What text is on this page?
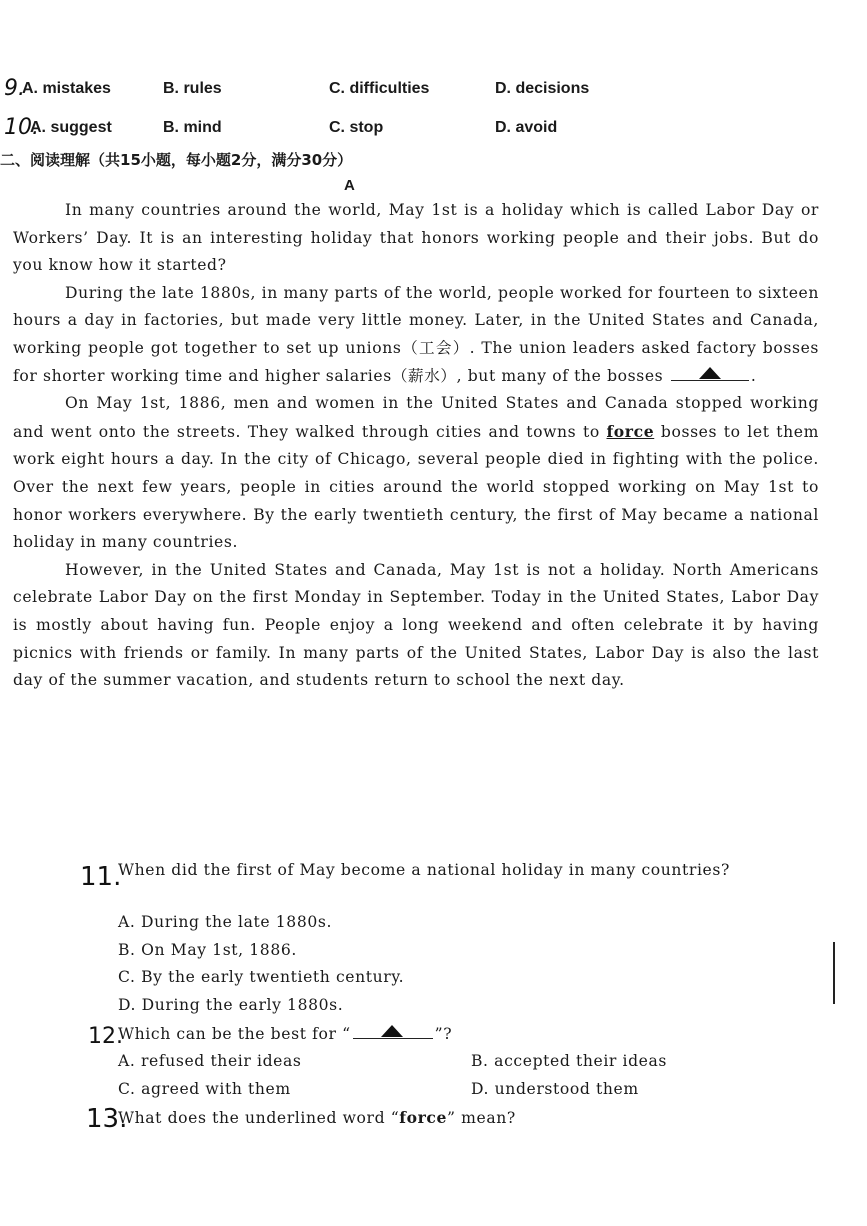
9.
A. mistakes	B. rules	C. difficulties	D. decisions
10.
A. suggest	B. mind	C. stop	D. avoid
二、阅读理解（共15小题，每小题2分，满分30分）
A

In many countries around the world, May 1st is a holiday which is called Labor Day or Workers’ Day. It is an interesting holiday that honors working people and their jobs. But do you know how it started?

During the late 1880s, in many parts of the world, people worked for fourteen to sixteen hours a day in factories, but made very little money. Later, in the United States and Canada, working people got together to set up unions（工会）. The union leaders asked factory bosses for shorter working time and higher salaries（薪水）, but many of the bosses	.

On May 1st, 1886, men and women in the United States and Canada stopped working and went onto the streets. They walked through cities and towns to force bosses to let them work eight hours a day. In the city of Chicago, several people died in fighting with the police. Over the next few years, people in cities around the world stopped working on May 1st to honor workers everywhere. By the early twentieth century, the first of May became a national holiday in many countries.

However, in the United States and Canada, May 1st is not a holiday. North Americans celebrate Labor Day on the first Monday in September. Today in the United States, Labor Day is mostly about having fun. People enjoy a long weekend and often celebrate it by having picnics with friends or family. In many parts of the United States, Labor Day is also the last day of the summer vacation, and students return to school the next day.

11.
When did the first of May become a national holiday in many countries?
A. During the late 1880s.
B. On May 1st, 1886.
C. By the early twentieth century.
D. During the early 1880s.
12.
Which can be the best for “	”?
A. refused their ideas	B. accepted their ideas
C. agreed with them	D. understood them
13.
What does the underlined word “force” mean?
